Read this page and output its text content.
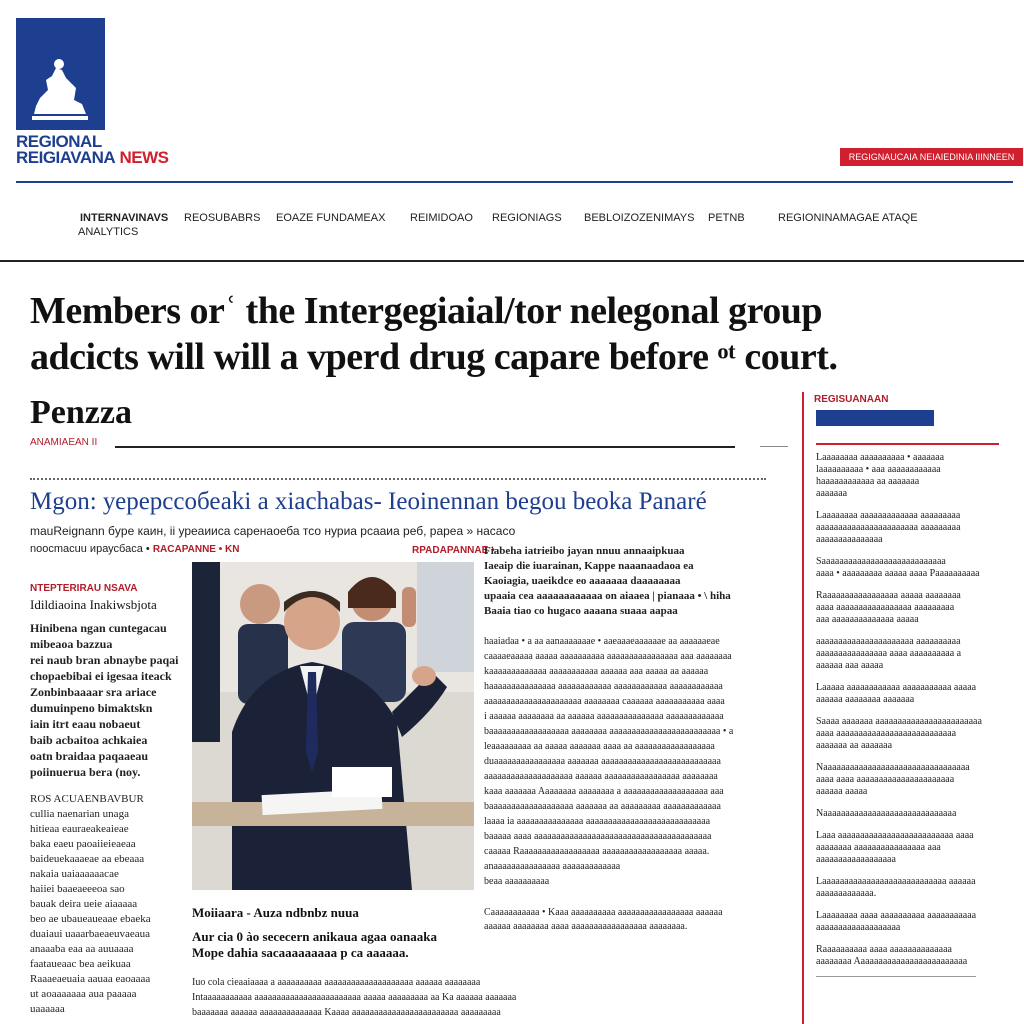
REGIONAL
REIGIAVANA NEWS	REGIGNAUCAIA NEIAIEDINIA IIINNEEN
INTERNAVINAVS
ANALYTICS
REOSUBABRS EOAZE FUNDAMEAX REIMIDOAO REGIONIAGS BEBLOIZOZENIMAYS PETNB	REGIONINAMAGAE ATAQE
Members orʿ the Intergegiaial/tor nelegonal group adcicts will will a vperd drug capare before ᵒᵗ court.
Penzza
ANAMIAEAN II
Mgon: уерерссобеаki a xiachabas- Ieoinennan begou beoka Panaré
mauReignann бype каин, ii уреаииса саренаоеба тсо нуриа рсааиа реб, рареа » насасо
noocmacuu ираусбаса • RACAPANNE • KN	RPADAPANNAE •
NTEPTERIRAU NSAVA
Idildiaoina Inakiwsbjota
Hinibena ngan cuntegacau
mibeaoa bazzua
rei naub bran abnaybe paqai
chopaebibai ei igesaa iteack
Zonbinbaaaar sra ariace
dumuinpeno bimaktskn
iain itrt eaau nobaeut
baib acbaitoa achkaiea
oatn braidaa paqaaeau
poiinuerua bera (noy.
ROS ACUAENBAVBUR
cullia naenarian unaga
hitieaa eauraeakeaieae
baka eaeu paoaiieieaeaa
baideuekaaaeae aa ebeaaa
nakaia uaiaaaaaacae
haiiei baaeaeeeoa sao
bauak deira ueie aiaaaaa
beo ae ubaueaueaae ebaeka
duaiaui uaaarbaeaeuvaeaua
anaaaba eaa aa auuaaaa
faataueaac bea aeikuaa
Raaaeaeuaia aauaa eaoaaaa
ut aoaaaaaaa aua paaaaa
uaaaaaa
Moiiaara - Auza ndbnbz nuua
Aur cia 0 ào sececern anikaua agaa oanaaka
Mope dahia sacaaaaaaaaa p ca aaaaaa.
Fiabeha iatrieibo jayan nnuu annaaipkuaa
Iaeaip die iuarainan, Kappe naaanaadaoa ea
Kaoiagia, uaeikdce eo aaaaaaa daaaaaaaa
upaaia cea aaaaaaaaaaaa on aiaaea | pianaaa • \ hiha
Baaia tiao co hugaco aaaana suaaa aapaa
haaiadaa • a aa aanaaaaaaae • aaeaaaeaaaaaae aa aaaaaaeae
caaaaeaaaaa aaaaa aaaaaaaaaa aaaaaaaaaaaaaaaa aaa aaaaaaaa
kaaaaaaaaaaaaa aaaaaaaaaaa aaaaaa aaa aaaaa aa aaaaaa
haaaaaaaaaaaaaaa aaaaaaaaaaaa aaaaaaaaaaaa aaaaaaaaaaaa
aaaaaaaaaaaaaaaaaaaaaa aaaaaaaa caaaaaa aaaaaaaaaaa aaaa
i aaaaaa aaaaaaaa aa aaaaaa aaaaaaaaaaaaaaa aaaaaaaaaaaaa
baaaaaaaaaaaaaaaaaa aaaaaaaa aaaaaaaaaaaaaaaaaaaaaaaaa • a
leaaaaaaaaa aa aaaaa aaaaaaa aaaa aa aaaaaaaaaaaaaaaaaa
duaaaaaaaaaaaaaaaa aaaaaaa aaaaaaaaaaaaaaaaaaaaaaaaaaa
aaaaaaaaaaaaaaaaaaaa aaaaaa aaaaaaaaaaaaaaaaa aaaaaaaa
kaaa aaaaaaa Aaaaaaaa aaaaaaaa a aaaaaaaaaaaaaaaaaaa aaa
baaaaaaaaaaaaaaaaaaa aaaaaaa aa aaaaaaaaa aaaaaaaaaaaaa
laaaa ia aaaaaaaaaaaaaaa aaaaaaaaaaaaaaaaaaaaaaaaaaaa
baaaaa aaaa aaaaaaaaaaaaaaaaaaaaaaaaaaaaaaaaaaaaaaaa
caaaaa Raaaaaaaaaaaaaaaaaa aaaaaaaaaaaaaaaaaa aaaaa.
anaaaaaaaaaaaaaaa aaaaaaaaaaaaa
beaa aaaaaaaaaa
Caaaaaaaaaaa • Kaaa aaaaaaaaaa aaaaaaaaaaaaaaaaa aaaaaa
aaaaaa aaaaaaaa aaaa aaaaaaaaaaaaaaaaa aaaaaaaa.
Iuo cola cieaaiaaaa a aaaaaaaaaa aaaaaaaaaaaaaaaaaaaa aaaaaa aaaaaaaa
Intaaaaaaaaaaa aaaaaaaaaaaaaaaaaaaaaaaa aaaaa aaaaaaaaa aa Ka aaaaaa aaaaaaa
baaaaaaa aaaaaa aaaaaaaaaaaaaa Kaaaa aaaaaaaaaaaaaaaaaaaaaaaa aaaaaaaaa
REGISUANAAN
Laaaaaaaa aaaaaaaaaa • aaaaaaa
laaaaaaaaaa • aaa aaaaaaaaaaaa
haaaaaaaaaaaa aa aaaaaaa
aaaaaaa
Laaaaaaaa aaaaaaaaaaaaa aaaaaaaaa
aaaaaaaaaaaaaaaaaaaaaaa aaaaaaaaa
aaaaaaaaaaaaaaa
Saaaaaaaaaaaaaaaaaaaaaaaaaaaa
aaaa • aaaaaaaaa aaaaa aaaa Paaaaaaaaaa
Raaaaaaaaaaaaaaaaa aaaaa aaaaaaaa
aaaa aaaaaaaaaaaaaaaaa aaaaaaaaa
aaa aaaaaaaaaaaaaa aaaaa
aaaaaaaaaaaaaaaaaaaaaa aaaaaaaaaa
aaaaaaaaaaaaaaaa aaaa aaaaaaaaaa a
aaaaaa aaa aaaaa
Laaaaa aaaaaaaaaaaa aaaaaaaaaaa aaaaa
aaaaaa aaaaaaaa aaaaaaa
Saaaa aaaaaaa aaaaaaaaaaaaaaaaaaaaaaaa
aaaa aaaaaaaaaaaaaaaaaaaaaaaaaaa
aaaaaaa aa aaaaaaa
Naaaaaaaaaaaaaaaaaaaaaaaaaaaaaaaaa
aaaa aaaa aaaaaaaaaaaaaaaaaaaaaa
aaaaaa aaaaa
Naaaaaaaaaaaaaaaaaaaaaaaaaaaaaa
Laaa aaaaaaaaaaaaaaaaaaaaaaaaaa aaaa
aaaaaaaa aaaaaaaaaaaaaaaa aaa
aaaaaaaaaaaaaaaaaa
Laaaaaaaaaaaaaaaaaaaaaaaaaaaa aaaaaa
aaaaaaaaaaaaa.
Laaaaaaaa aaaa aaaaaaaaaa aaaaaaaaaaa
aaaaaaaaaaaaaaaaaaa
Raaaaaaaaaa aaaa aaaaaaaaaaaaaa
aaaaaaaa Aaaaaaaaaaaaaaaaaaaaaaaaa
